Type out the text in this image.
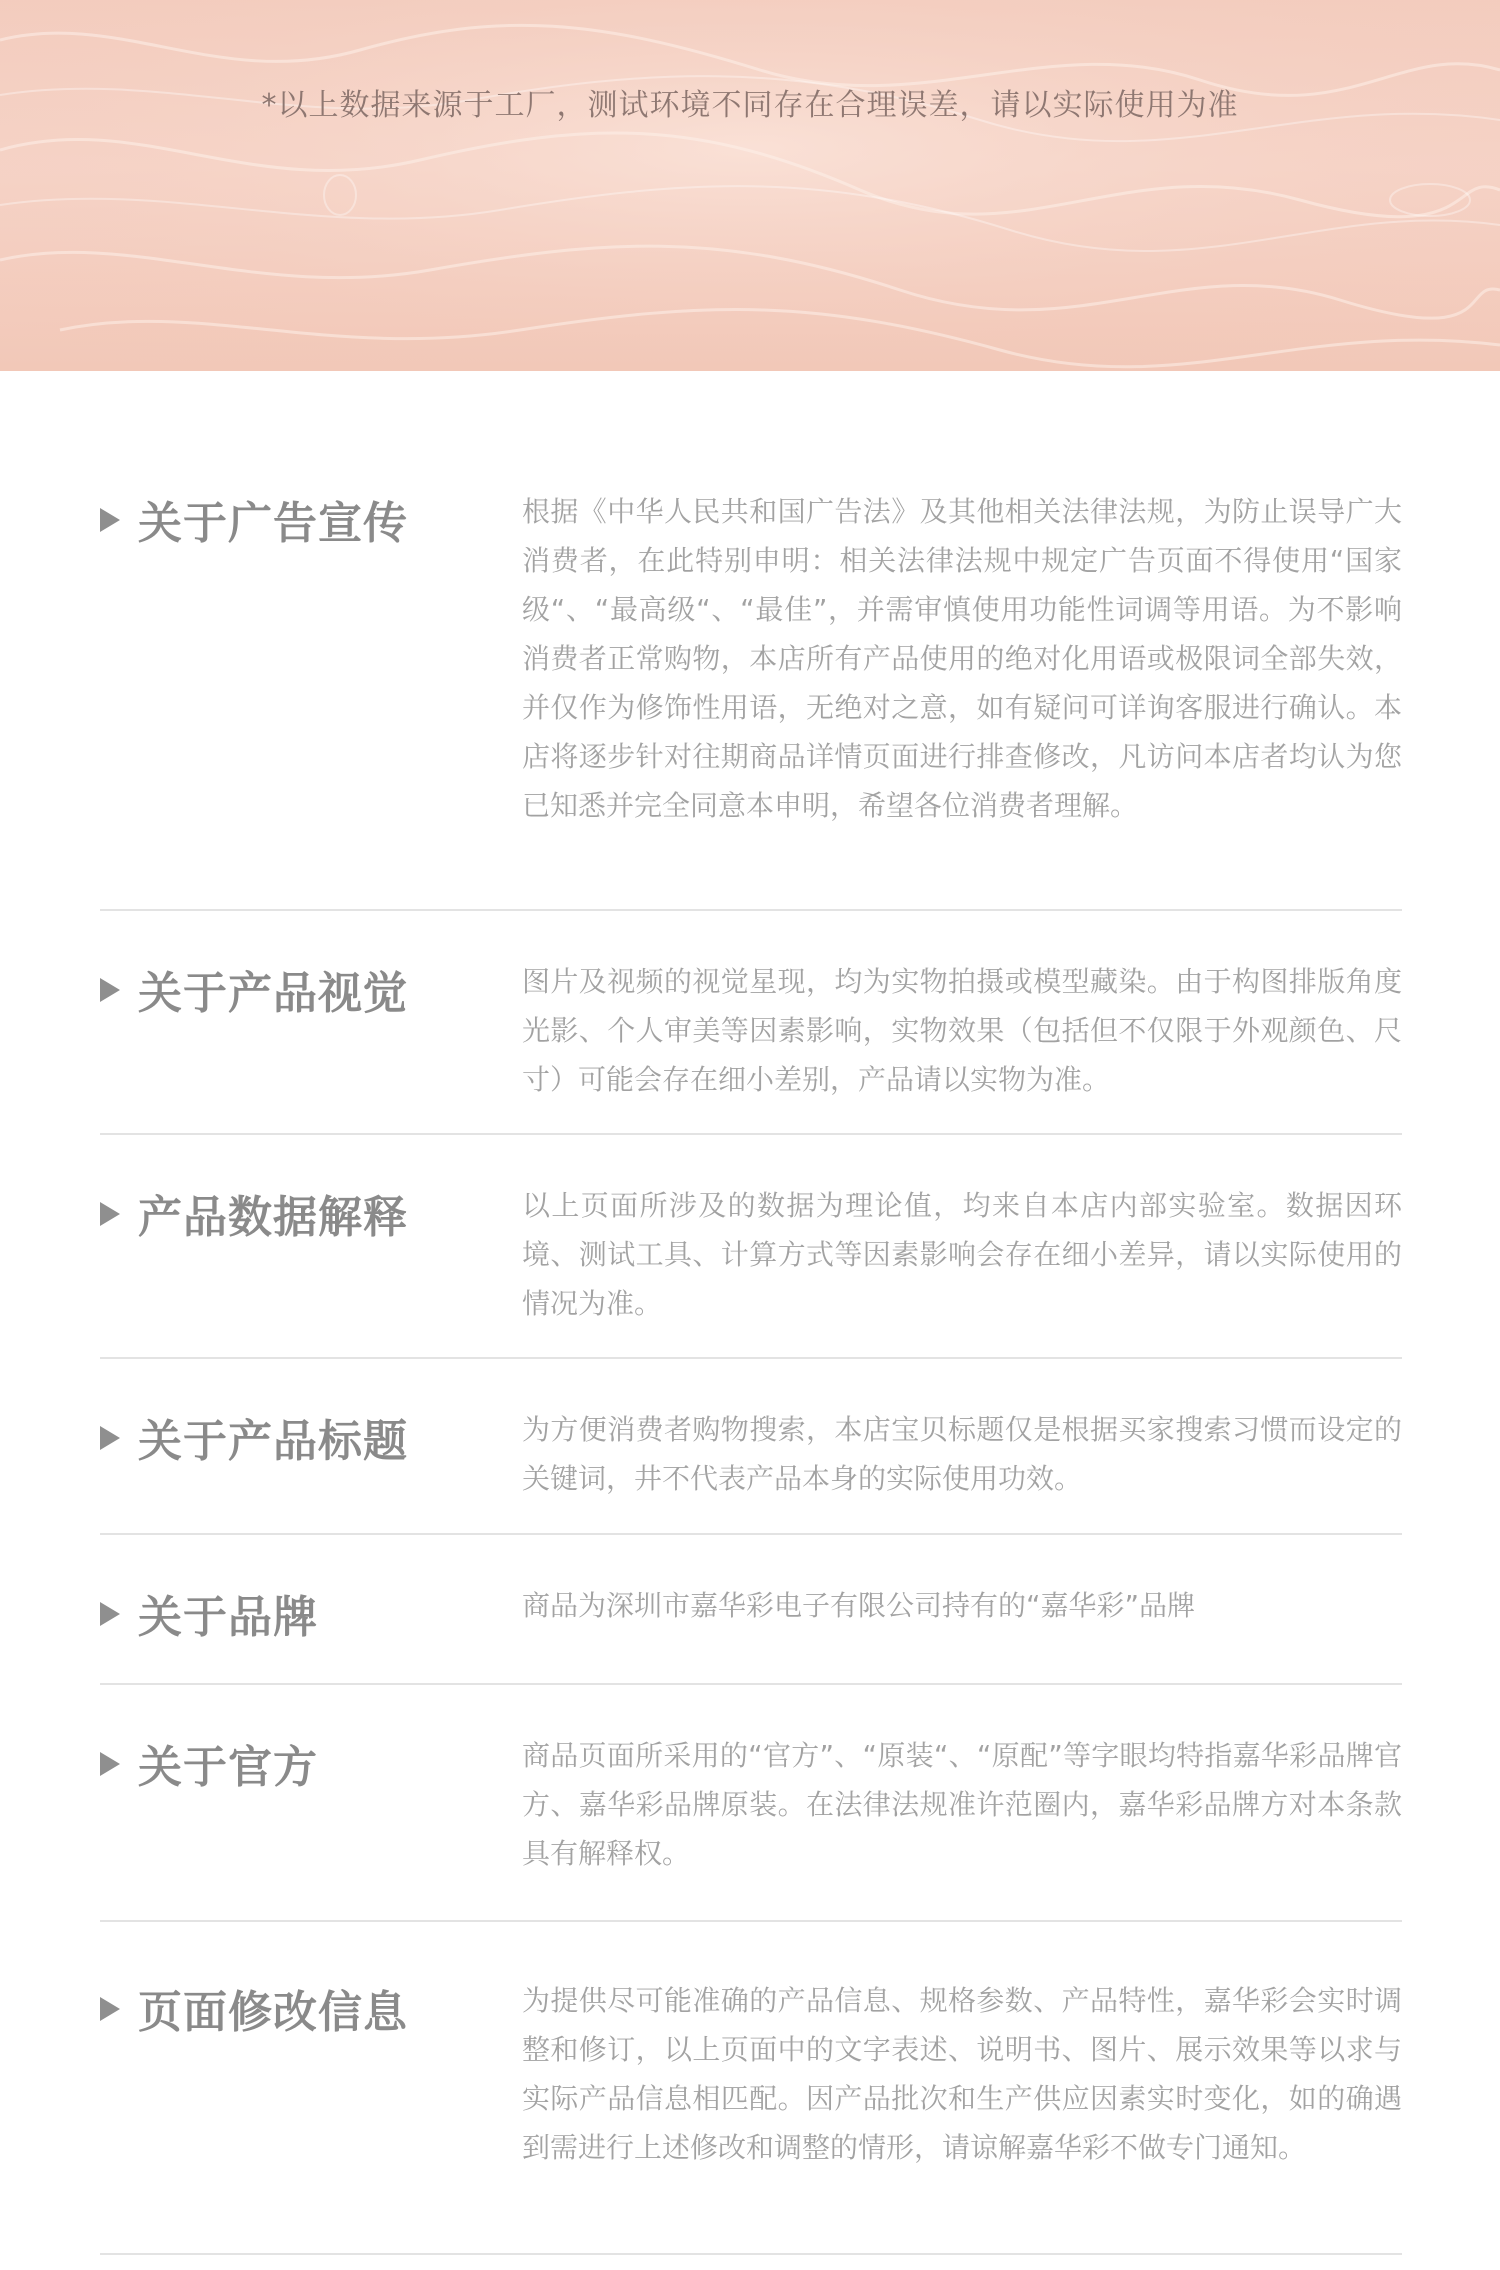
*以上数据来源于工厂，测试环境不同存在合理误差，请以实际使用为准
关于广告宣传	根据《中华人民共和国广告法》及其他相关法律法规，为防止误导广大消费者，在此特别申明：相关法律法规中规定广告页面不得使用“国家级“、“最高级“、“最佳”，并需审慎使用功能性词调等用语。为不影响消费者正常购物，本店所有产品使用的绝对化用语或极限词全部失效，并仅作为修饰性用语，无绝对之意，如有疑问可详询客服进行确认。本店将逐步针对往期商品详情页面进行排查修改，凡访问本店者均认为您已知悉并完全同意本申明，希望各位消费者理解。
关于产品视觉	图片及视频的视觉星现，均为实物拍摄或模型藏染。由于构图排版角度光影、个人审美等因素影响，实物效果（包括但不仅限于外观颜色、尺寸）可能会存在细小差别，产品请以实物为准。
产品数据解释	以上页面所涉及的数据为理论值，均来自本店内部实验室。数据因环境、测试工具、计算方式等因素影响会存在细小差异，请以实际使用的情况为准。
关于产品标题	为方便消费者购物搜索，本店宝贝标题仅是根据买家搜索习惯而设定的关键词，井不代表产品本身的实际使用功效。
关于品牌	商品为深圳市嘉华彩电子有限公司持有的“嘉华彩”品牌
关于官方	商品页面所采用的“官方”、“原装“、“原配”等字眼均特指嘉华彩品牌官方、嘉华彩品牌原装。在法律法规准许范圈内，嘉华彩品牌方对本条款具有解释权。
页面修改信息	为提供尽可能准确的产品信息、规格参数、产品特性，嘉华彩会实时调整和修订，以上页面中的文字表述、说明书、图片、展示效果等以求与实际产品信息相匹配。因产品批次和生产供应因素实时变化，如的确遇到需进行上述修改和调整的情形，请谅解嘉华彩不做专门通知。
